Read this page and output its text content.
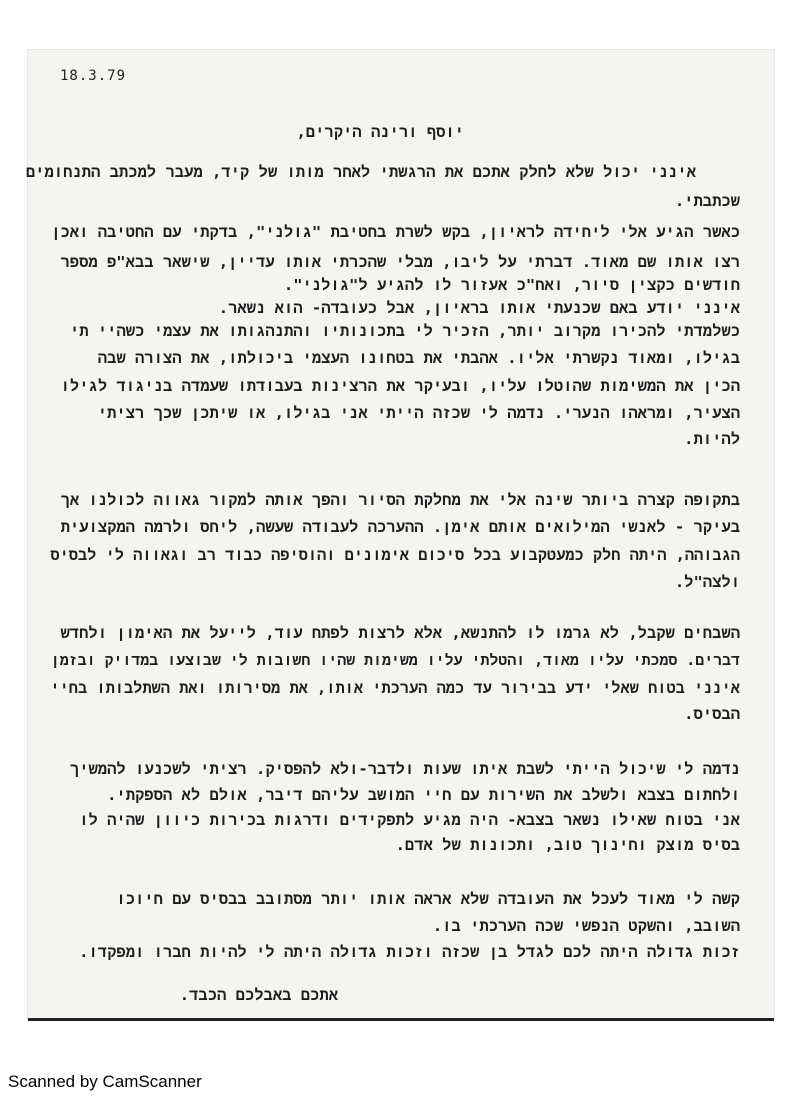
18.3.79
יוסף ורינה היקרים,
אינני יכול שלא לחלק אתכם את הרגשתי לאחר מותו של קיד, מעבר למכתב התנחומים
שכתבתי.
כאשר הגיע אלי ליחידה לראיון, בקש לשרת בחטיבת "גולני", בדקתי עם החטיבה ואכן
רצו אותו שם מאוד. דברתי על ליבו, מבלי שהכרתי אותו עדיין, שישאר בבא"פ מספר
חודשים כקצין סיור, ואח"כ אעזור לו להגיע ל"גולני".
אינני יודע באם שכנעתי אותו בראיון, אבל כעובדה- הוא נשאר.
כשלמדתי להכירו מקרוב יותר, הזכיר לי בתכונותיו והתנהגותו את עצמי כשהיי תי
בגילו, ומאוד נקשרתי אליו. אהבתי את בטחונו העצמי ביכולתו, את הצורה שבה
הכין את המשימות שהוטלו עליו, ובעיקר את הרצינות בעבודתו שעמדה בניגוד לגילו
הצעיר, ומראהו הנערי. נדמה לי שכזה הייתי אני בגילו, או שיתכן שכך רציתי
להיות.
בתקופה קצרה ביותר שינה אלי את מחלקת הסיור והפך אותה למקור גאווה לכולנו אך
בעיקר - לאנשי המילואים אותם אימן. ההערכה לעבודה שעשה, ליחס ולרמה המקצועית
הגבוהה, היתה חלק כמעטקבוע בכל סיכום אימונים והוסיפה כבוד רב וגאווה לי לבסיס
ולצה"ל.
השבחים שקבל, לא גרמו לו להתנשא, אלא לרצות לפתח עוד, לייעל את האימון ולחדש
דברים. סמכתי עליו מאוד, והטלתי עליו משימות שהיו חשובות לי שבוצעו במדויק ובזמן
אינני בטוח שאלי ידע בבירור עד כמה הערכתי אותו, את מסירותו ואת השתלבותו בחיי
הבסיס.
נדמה לי שיכול הייתי לשבת איתו שעות ולדבר-ולא להפסיק. רציתי לשכנעו להמשיך
ולחתום בצבא ולשלב את השירות עם חיי המושב עליהם דיבר, אולם לא הספקתי.
אני בטוח שאילו נשאר בצבא- היה מגיע לתפקידים ודרגות בכירות כיוון שהיה לו
בסיס מוצק וחינוך טוב, ותכונות של אדם.
קשה לי מאוד לעכל את העובדה שלא אראה אותו יותר מסתובב בבסיס עם חיוכו
השובב, והשקט הנפשי שכה הערכתי בו.
זכות גדולה היתה לכם לגדל בן שכזה וזכות גדולה היתה לי להיות חברו ומפקדו.
אתכם באבלכם הכבד.
Scanned by CamScanner
